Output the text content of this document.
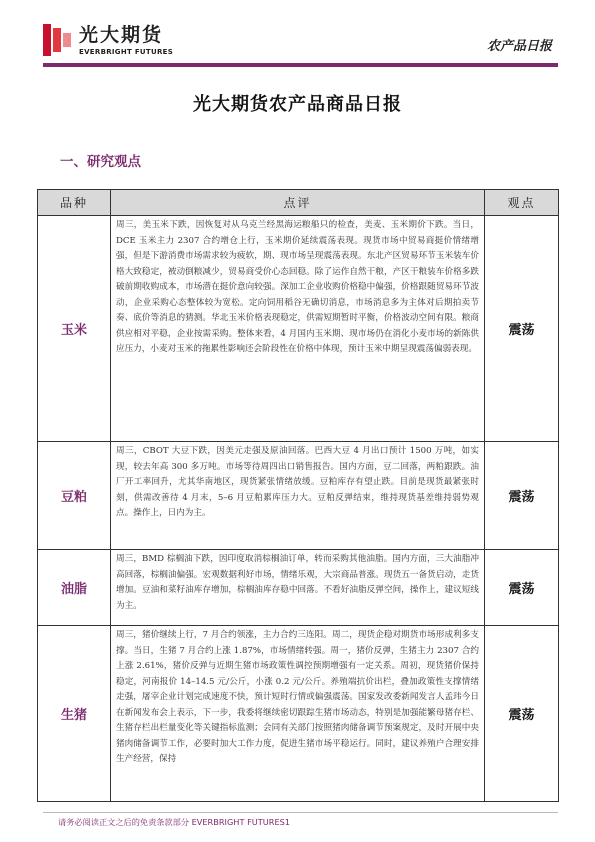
光大期货
EVERBRIGHT FUTURES	农产品日报
光大期货农产品商品日报
一、研究观点
品种	点评	观点
玉米	周三，美玉米下跌，因恢复对从乌克兰经黑海运粮船只的检查，美麦、玉米期价下跌。当日，DCE 玉米主力 2307 合约增仓上行，玉米期价延续震荡表现。现货市场中贸易商挺价情绪增强，但是下游消费市场需求较为疲软，期、现市场呈现震荡表现。东北产区贸易环节玉米装车价格大致稳定，被动倒粮减少，贸易商受价心态回稳。除了运作自然干粮，产区干粮装车价格多跌破前期收购成本，市场潜在挺价意向较强。深加工企业收购价格稳中偏强，价格跟随贸易环节波动，企业采购心态整体较为宽松。定向饲用稻谷无确切消息，市场消息多为主体对后期拍卖节奏、底价等消息的猜测。华北玉米价格表现稳定，供需短期暂时平衡，价格波动空间有限。粮商供应相对平稳，企业按需采购。整体来看，4 月国内玉米期、现市场仍在消化小麦市场的新陈供应压力，小麦对玉米的拖累性影响还会阶段性在价格中体现，预计玉米中期呈现震荡偏弱表现。	震荡
豆粕	周三，CBOT 大豆下跌，因美元走强及原油回落。巴西大豆 4 月出口预计 1500 万吨，如实现，较去年高 300 多万吨。市场等待周四出口销售报告。国内方面，豆二回落，两粕跟跌。油厂开工率回升，尤其华南地区，现货紧张情绪放缓。豆粕库存有望止跌。目前是现货最紧张时刻，供需改善待 4 月末，5–6 月豆粕累库压力大。豆粕反弹结束，维持现货基差维持弱势观点。操作上，日内为主。	震荡
油脂	周三，BMD 棕榈油下跌，因印度取消棕榈油订单，转而采购其他油脂。国内方面，三大油脂冲高回落，棕榈油偏强。宏观数据利好市场，情绪乐观，大宗商品普涨。现货五一备货启动，走货增加。豆油和菜籽油库存增加，棕榈油库存稳中回落。不看好油脂反弹空间，操作上，建议短线为主。	震荡
生猪	周三，猪价继续上行，7 月合约领涨，主力合约三连阳。周二，现货企稳对期货市场形成利多支撑。当日，生猪 7 月合约上涨 1.87%，市场情绪转强。周一，猪价反弹，生猪主力 2307 合约上涨 2.61%，猪价反弹与近期生猪市场政策性调控预期增强有一定关系。周初，现货猪价保持稳定，河南报价 14–14.5 元/公斤，小涨 0.2 元/公斤。养殖端抗价出栏，叠加政策性支撑情绪走强，屠宰企业计划完成速度不快，预计短时行情或偏强震荡。国家发改委新闻发言人孟玮今日在新闻发布会上表示，下一步，我委将继续密切跟踪生猪市场动态，特别是加强能繁母猪存栏、生猪存栏出栏量变化等关键指标监测；会同有关部门按照猪肉储备调节预案规定，及时开展中央猪肉储备调节工作，必要时加大工作力度，促进生猪市场平稳运行。同时，建议养殖户合理安排生产经营，保持	震荡
请务必阅读正文之后的免责条款部分 EVERBRIGHT FUTURES1
